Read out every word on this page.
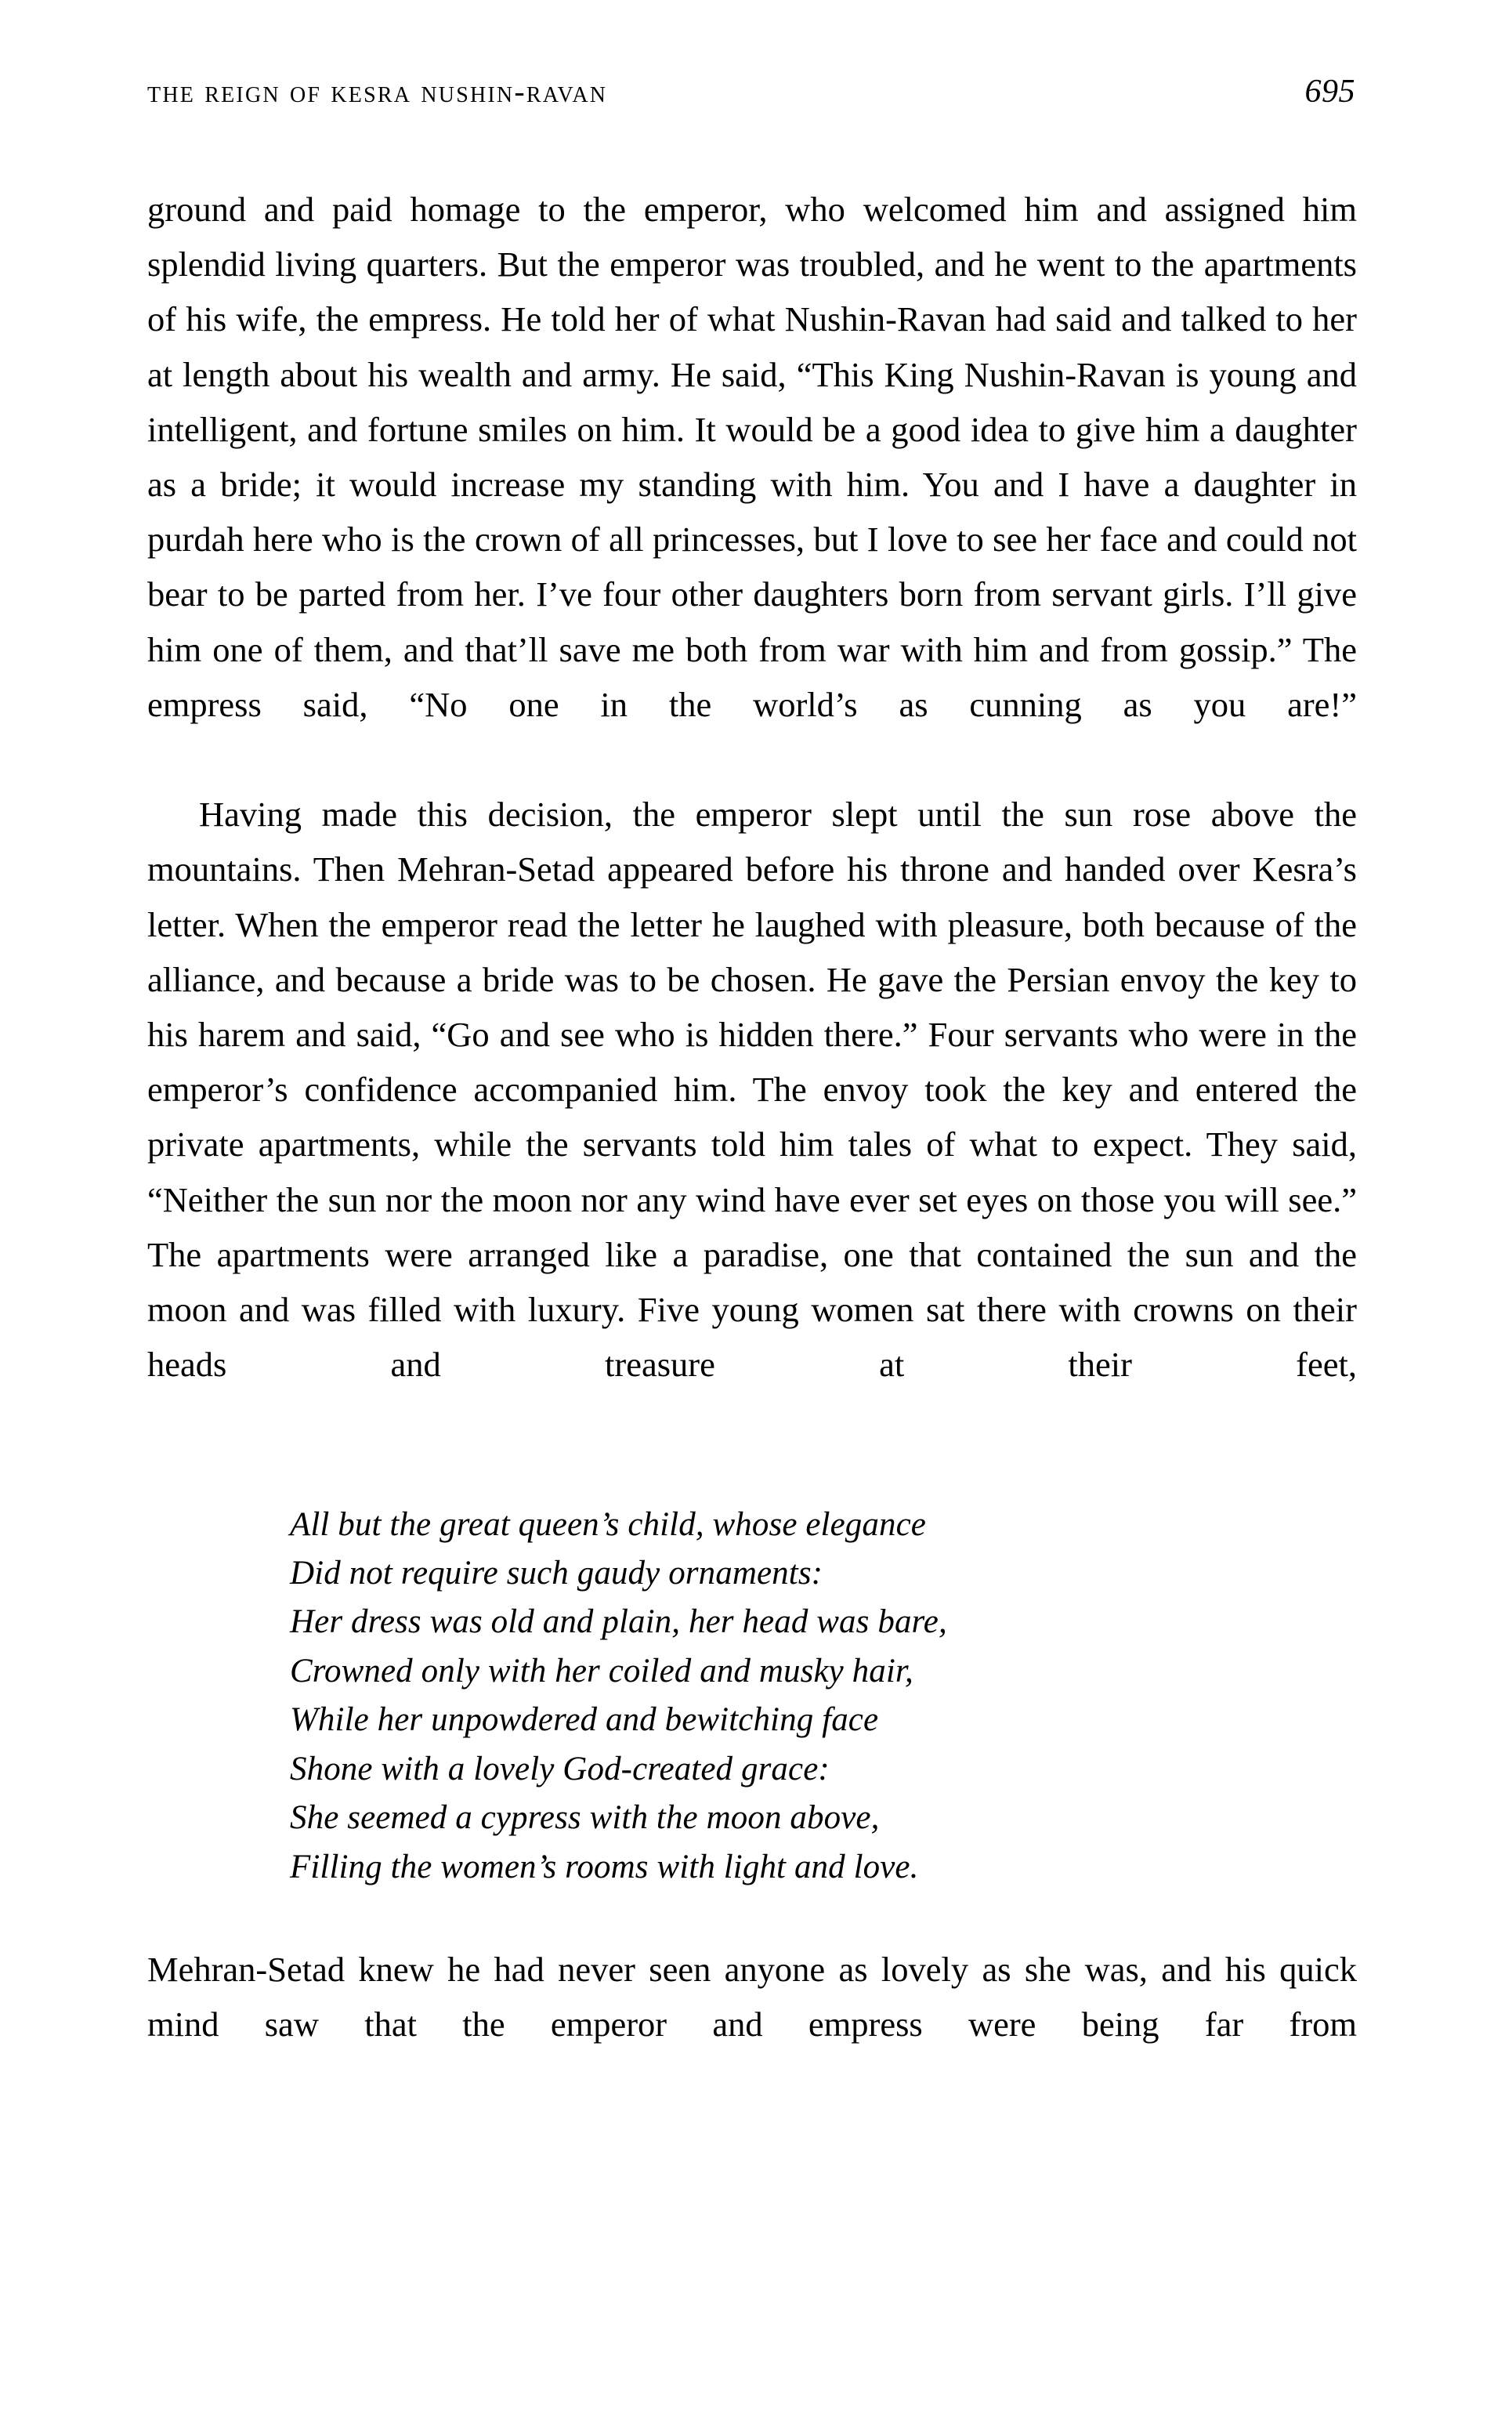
the reign of kesra nushin-ravan	695

ground and paid homage to the emperor, who welcomed him and assigned him splendid living quarters. But the emperor was troubled, and he went to the apartments of his wife, the empress. He told her of what Nushin-Ravan had said and talked to her at length about his wealth and army. He said, “This King Nushin-Ravan is young and intelligent, and fortune smiles on him. It would be a good idea to give him a daughter as a bride; it would increase my standing with him. You and I have a daughter in purdah here who is the crown of all princesses, but I love to see her face and could not bear to be parted from her. I’ve four other daughters born from servant girls. I’ll give him one of them, and that’ll save me both from war with him and from gossip.” The empress said, “No one in the world’s as cunning as you are!”

Having made this decision, the emperor slept until the sun rose above the mountains. Then Mehran-Setad appeared before his throne and handed over Kesra’s letter. When the emperor read the letter he laughed with pleasure, both because of the alliance, and because a bride was to be chosen. He gave the Persian envoy the key to his harem and said, “Go and see who is hidden there.” Four servants who were in the emperor’s confidence accompanied him. The envoy took the key and entered the private apartments, while the servants told him tales of what to expect. They said, “Neither the sun nor the moon nor any wind have ever set eyes on those you will see.” The apartments were arranged like a paradise, one that contained the sun and the moon and was filled with luxury. Five young women sat there with crowns on their heads and treasure at their feet,

All but the great queen’s child, whose elegance
Did not require such gaudy ornaments:
Her dress was old and plain, her head was bare,
Crowned only with her coiled and musky hair,
While her unpowdered and bewitching face
Shone with a lovely God-created grace:
She seemed a cypress with the moon above,
Filling the women’s rooms with light and love.

Mehran-Setad knew he had never seen anyone as lovely as she was, and his quick mind saw that the emperor and empress were being far from
